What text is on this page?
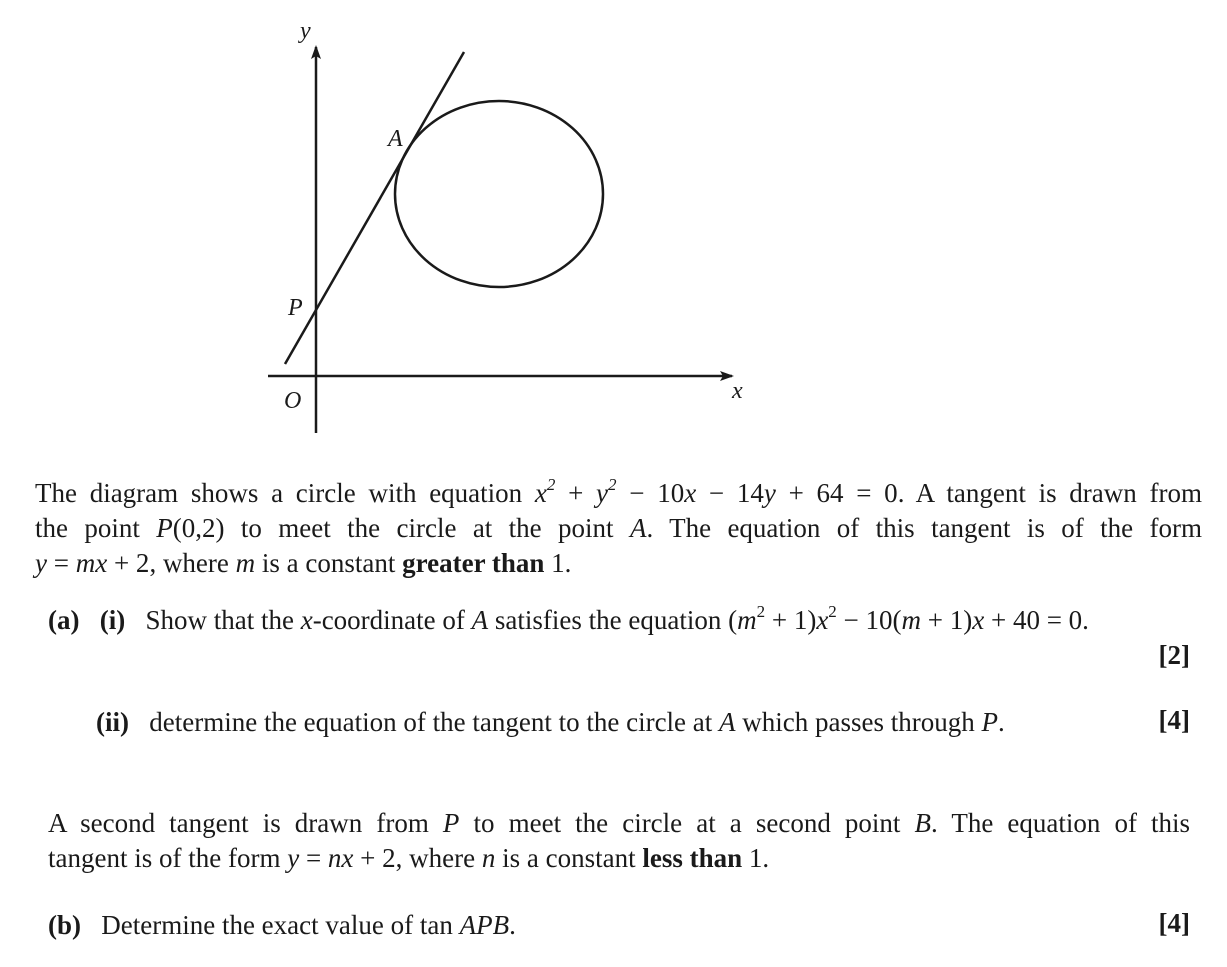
y
x
O
P
A
The diagram shows a circle with equation $x^2 + y^2 - 10x - 14y + 64 = 0$. A tangent is drawn from
the point P(0,2) to meet the circle at the point A. The equation of this tangent is of the form
y = mx + 2, where m is a constant greater than 1.
(a) (i) Show that the x-coordinate of A satisfies the equation $(m^2 + 1)x^2 - 10(m + 1)x + 40 = 0$.
[2]
(ii) determine the equation of the tangent to the circle at A which passes through P.	[4]
A second tangent is drawn from P to meet the circle at a second point B. The equation of this
tangent is of the form y = nx + 2, where n is a constant less than 1.
(b) Determine the exact value of tan APB.	[4]
